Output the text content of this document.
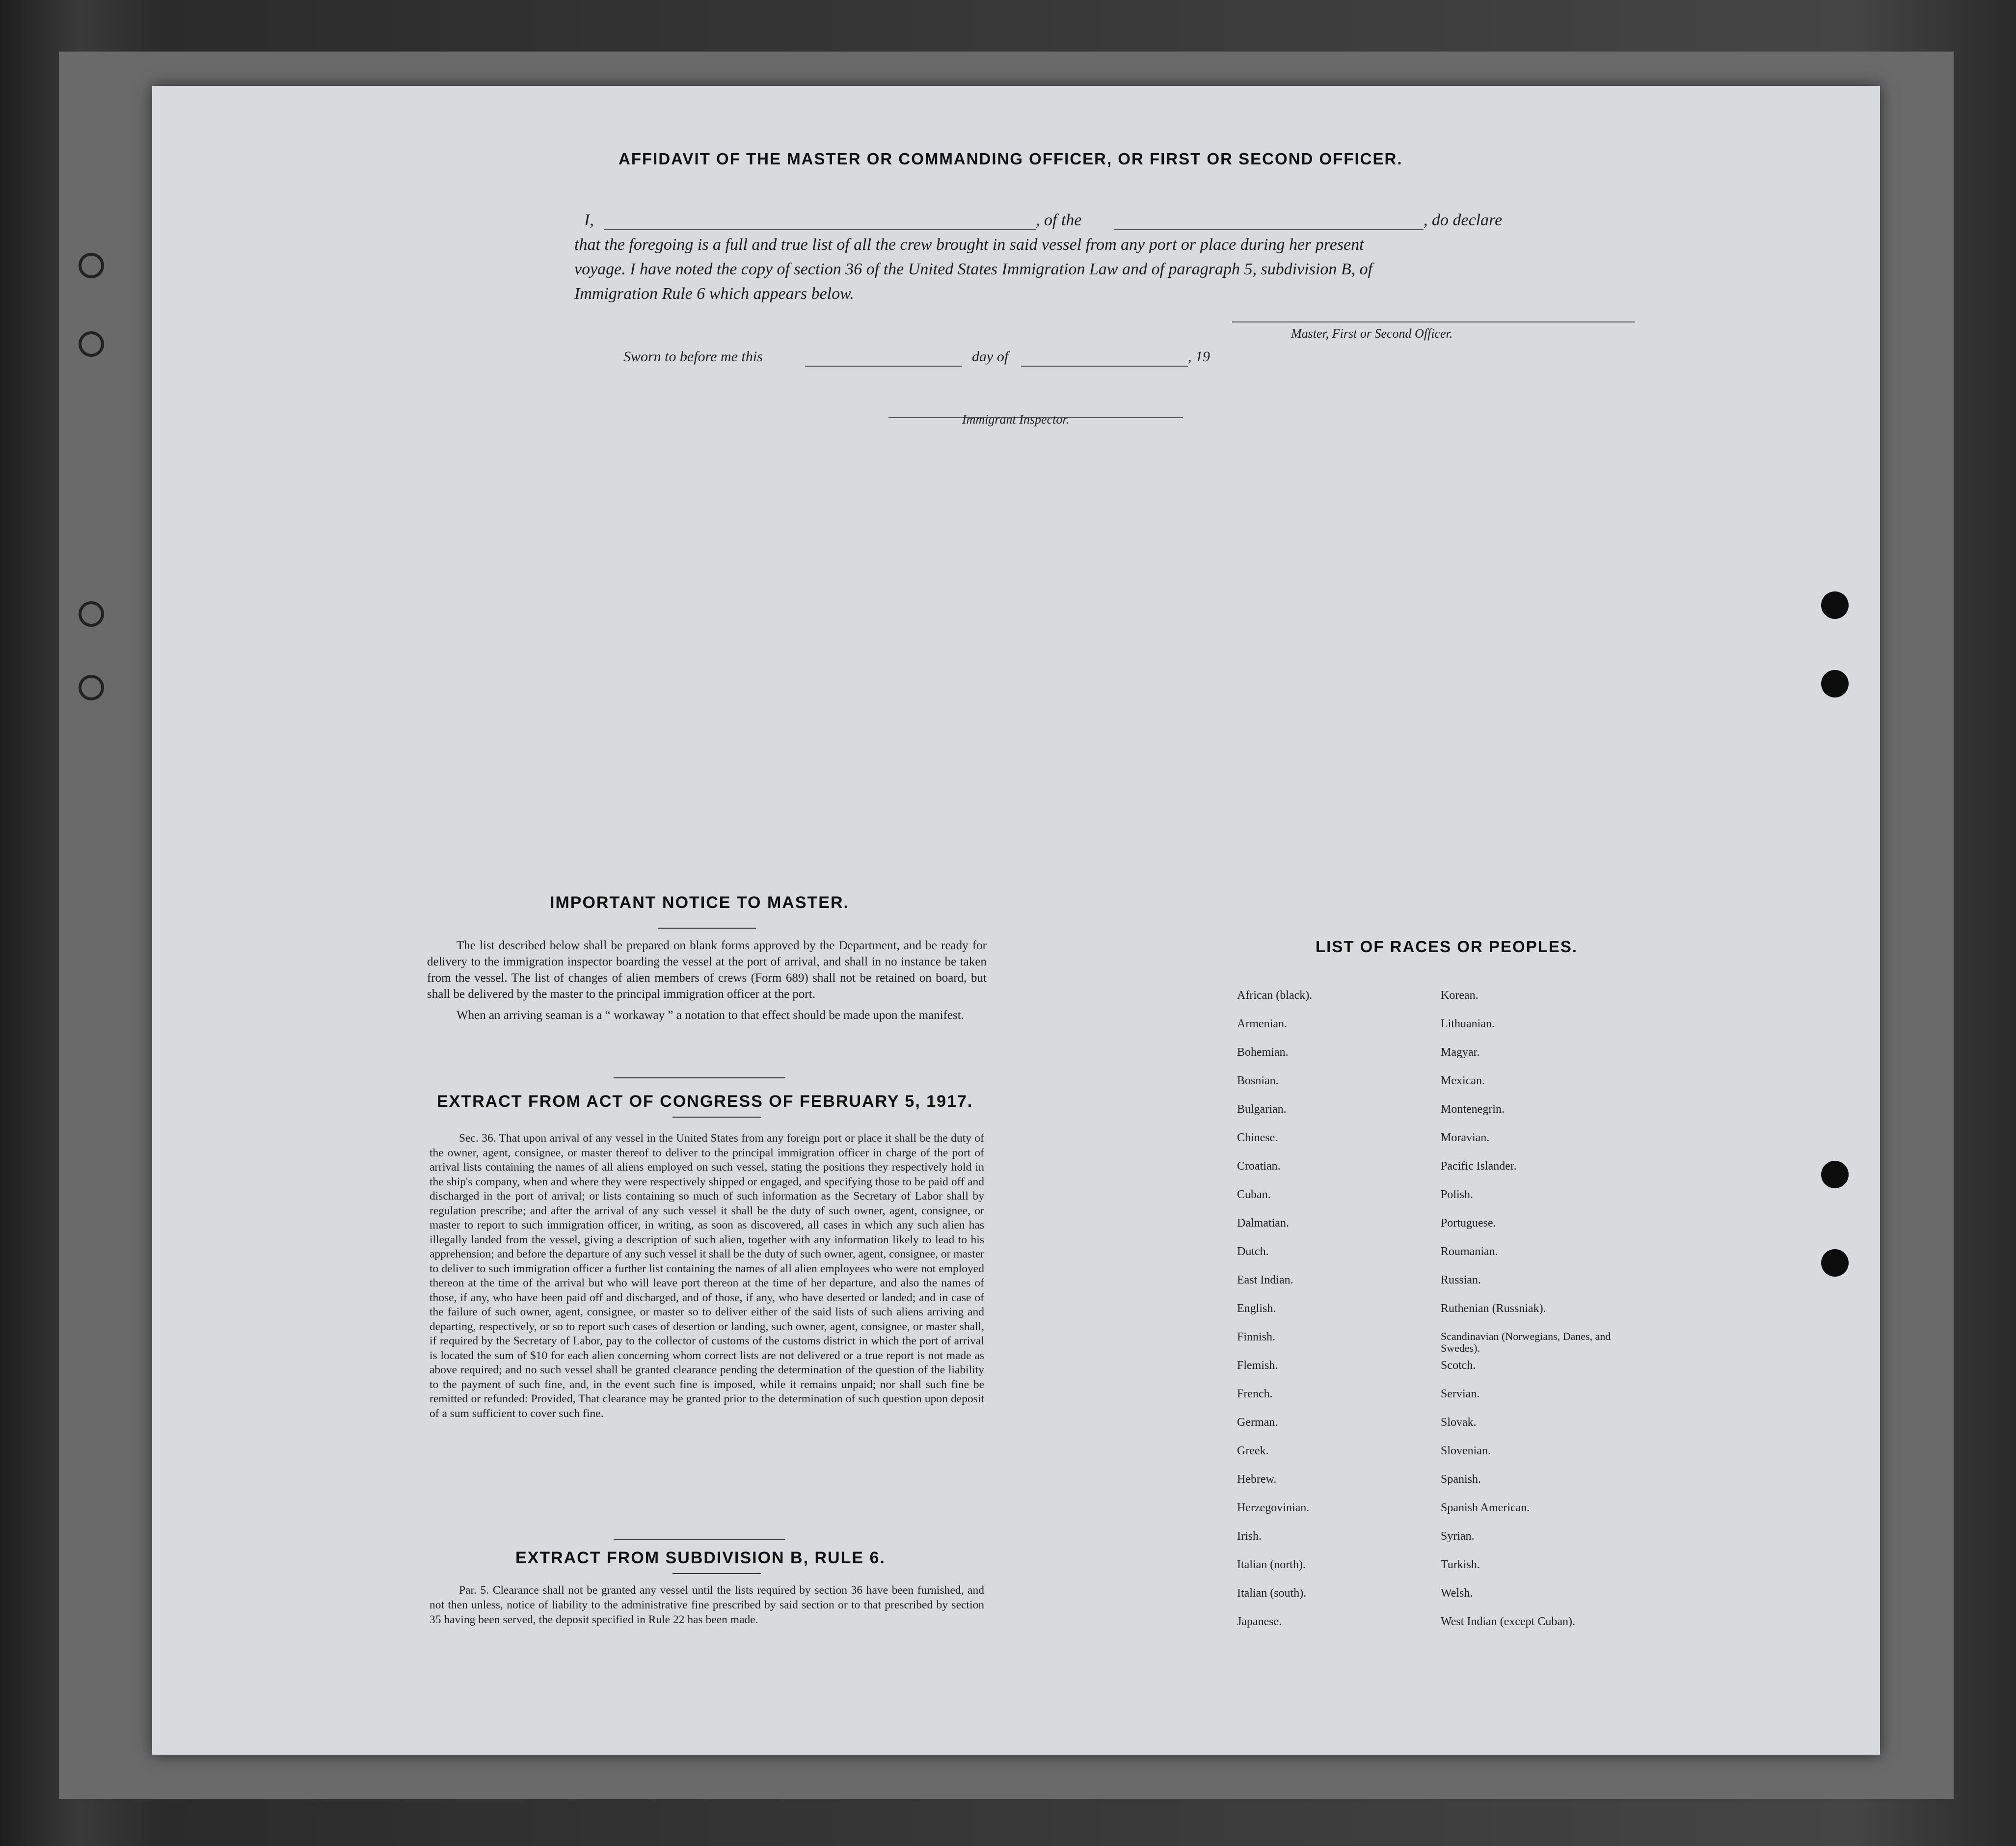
AFFIDAVIT OF THE MASTER OR COMMANDING OFFICER, OR FIRST OR SECOND OFFICER.
I,	, of the	, do declare
that the foregoing is a full and true list of all the crew brought in said vessel from any port or place during her present
voyage. I have noted the copy of section 36 of the United States Immigration Law and of paragraph 5, subdivision B, of
Immigration Rule 6 which appears below.
Master, First or Second Officer.
Sworn to before me this	day of	, 19
Immigrant Inspector.
IMPORTANT NOTICE TO MASTER.

The list described below shall be prepared on blank forms approved by the Department, and be ready for delivery to the immigration inspector boarding the vessel at the port of arrival, and shall in no instance be taken from the vessel. The list of changes of alien members of crews (Form 689) shall not be retained on board, but shall be delivered by the master to the principal immigration officer at the port.

When an arriving seaman is a “ workaway ” a notation to that effect should be made upon the manifest.

EXTRACT FROM ACT OF CONGRESS OF FEBRUARY 5, 1917.

Sec. 36. That upon arrival of any vessel in the United States from any foreign port or place it shall be the duty of the owner, agent, consignee, or master thereof to deliver to the principal immigration officer in charge of the port of arrival lists containing the names of all aliens employed on such vessel, stating the positions they respectively hold in the ship's company, when and where they were respectively shipped or engaged, and specifying those to be paid off and discharged in the port of arrival; or lists containing so much of such information as the Secretary of Labor shall by regulation prescribe; and after the arrival of any such vessel it shall be the duty of such owner, agent, consignee, or master to report to such immigration officer, in writing, as soon as discovered, all cases in which any such alien has illegally landed from the vessel, giving a description of such alien, together with any information likely to lead to his apprehension; and before the departure of any such vessel it shall be the duty of such owner, agent, consignee, or master to deliver to such immigration officer a further list containing the names of all alien employees who were not employed thereon at the time of the arrival but who will leave port thereon at the time of her departure, and also the names of those, if any, who have been paid off and discharged, and of those, if any, who have deserted or landed; and in case of the failure of such owner, agent, consignee, or master so to deliver either of the said lists of such aliens arriving and departing, respectively, or so to report such cases of desertion or landing, such owner, agent, consignee, or master shall, if required by the Secretary of Labor, pay to the collector of customs of the customs district in which the port of arrival is located the sum of $10 for each alien concerning whom correct lists are not delivered or a true report is not made as above required; and no such vessel shall be granted clearance pending the determination of the question of the liability to the payment of such fine, and, in the event such fine is imposed, while it remains unpaid; nor shall such fine be remitted or refunded: Provided, That clearance may be granted prior to the determination of such question upon deposit of a sum sufficient to cover such fine.

EXTRACT FROM SUBDIVISION B, RULE 6.

Par. 5. Clearance shall not be granted any vessel until the lists required by section 36 have been furnished, and not then unless, notice of liability to the administrative fine prescribed by said section or to that prescribed by section 35 having been served, the deposit specified in Rule 22 has been made.

LIST OF RACES OR PEOPLES.
African (black).
Armenian.
Bohemian.
Bosnian.
Bulgarian.
Chinese.
Croatian.
Cuban.
Dalmatian.
Dutch.
East Indian.
English.
Finnish.
Flemish.
French.
German.
Greek.
Hebrew.
Herzegovinian.
Irish.
Italian (north).
Italian (south).
Japanese.
Korean.
Lithuanian.
Magyar.
Mexican.
Montenegrin.
Moravian.
Pacific Islander.
Polish.
Portuguese.
Roumanian.
Russian.
Ruthenian (Russniak).
Scandinavian (Norwegians, Danes, and Swedes).
Scotch.
Servian.
Slovak.
Slovenian.
Spanish.
Spanish American.
Syrian.
Turkish.
Welsh.
West Indian (except Cuban).
